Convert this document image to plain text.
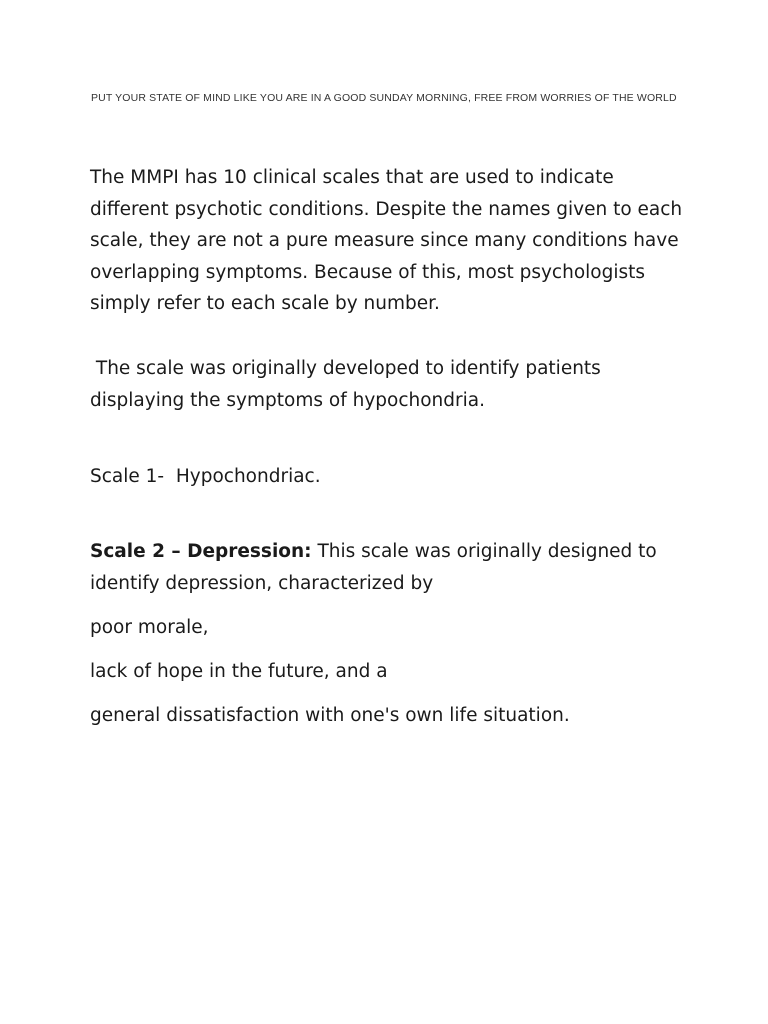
PUT YOUR STATE OF MIND LIKE YOU ARE IN A GOOD SUNDAY MORNING, FREE FROM WORRIES OF THE WORLD

The MMPI has 10 clinical scales that are used to indicate different psychotic conditions. Despite the names given to each scale, they are not a pure measure since many conditions have overlapping symptoms. Because of this, most psychologists simply refer to each scale by number.

The scale was originally developed to identify patients displaying the symptoms of hypochondria.

Scale 1-  Hypochondriac.

Scale 2 – Depression: This scale was originally designed to identify depression, characterized by

poor morale,

lack of hope in the future, and a

general dissatisfaction with one's own life situation.
